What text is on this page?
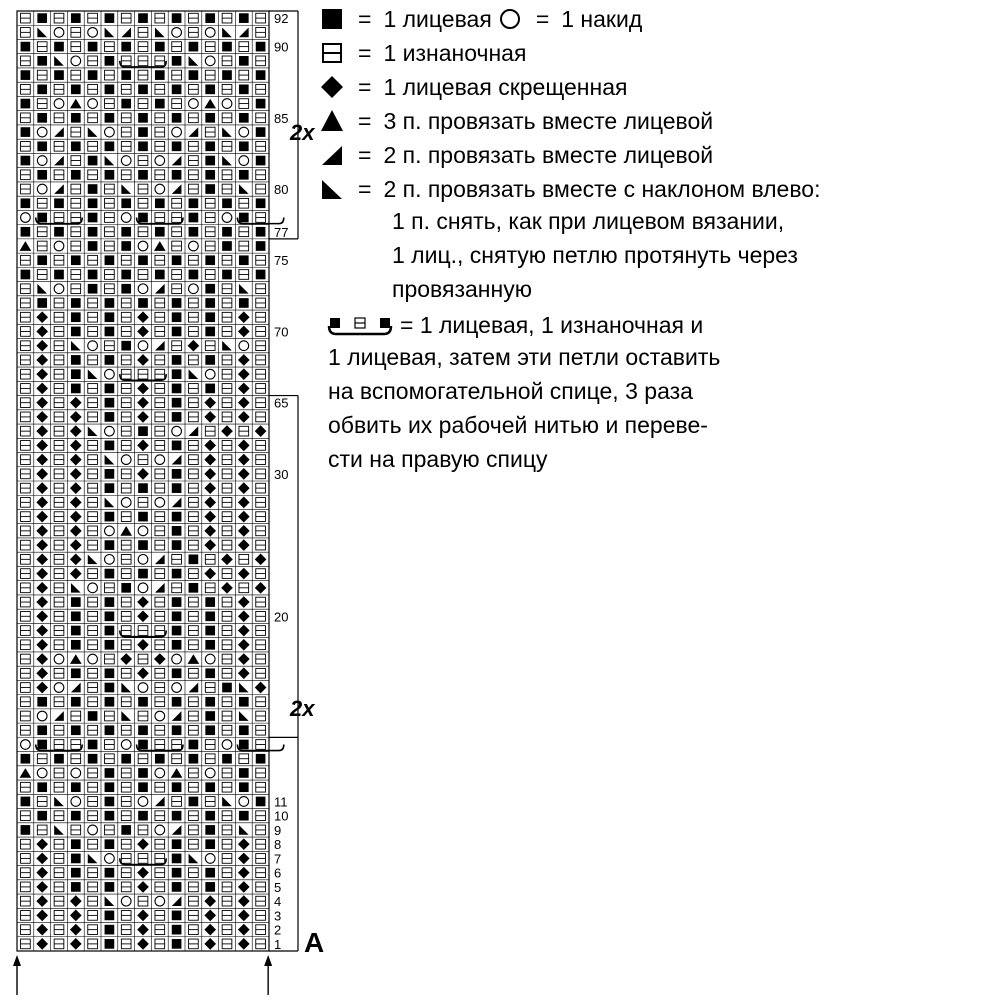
92
90
85
80
77
75
70
65
30
20
11
10
9
8
7
6
5
4
3
2
1
2x
2x
A
= 1 лицевая = 1 накид
= 1 изнаночная
= 1 лицевая скрещенная
= 3 п. провязать вместе лицевой
= 2 п. провязать вместе лицевой
= 2 п. провязать вместе с наклоном влево:
1 п. снять, как при лицевом вязании,
1 лиц., снятую петлю протянуть через
провязанную
= 1 лицевая, 1 изнаночная и
1 лицевая, затем эти петли оставить
на вспомогательной спице, 3 раза
обвить их рабочей нитью и переве-
сти на правую спицу
